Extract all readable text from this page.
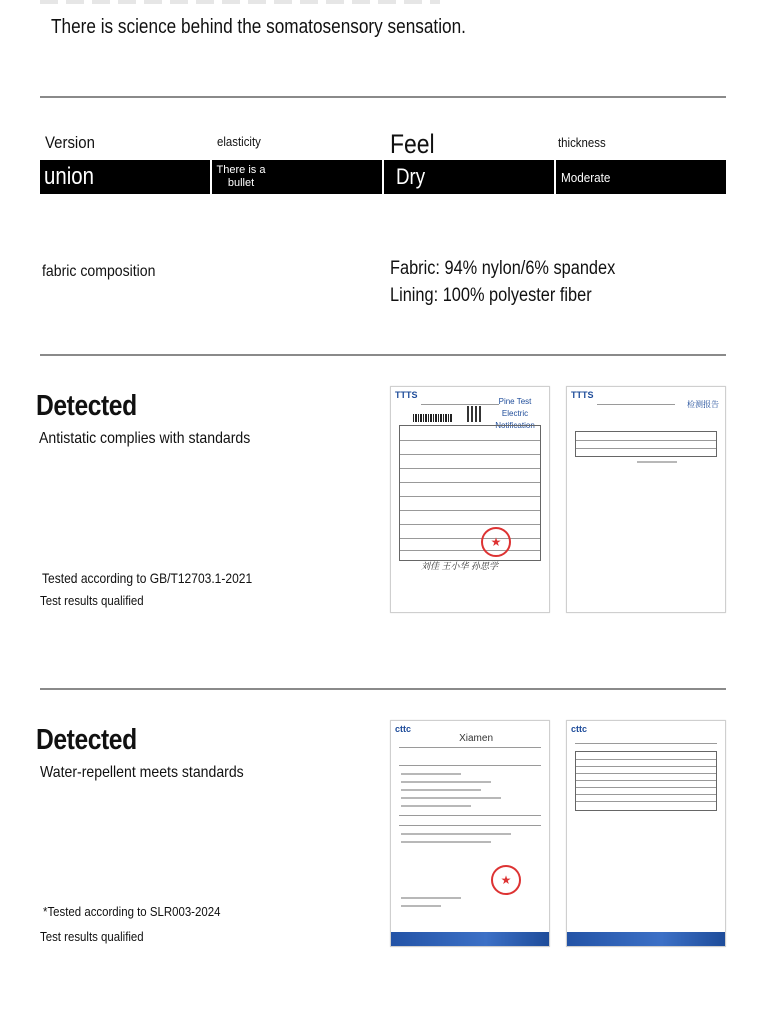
There is science behind the somatosensory sensation.
Version	elasticity	Feel	thickness
union	There is a bullet	Dry	Moderate
fabric composition	Fabric: 94% nylon/6% spandex
Lining: 100% polyester fiber
Detected
Antistatic complies with standards
Tested according to GB/T12703.1-2021
Test results qualified
TTTS
Pine Test Electric Notification
★
刘佳 王小华 孙思学
TTTS
检测报告
Detected
Water-repellent meets standards
*Tested according to SLR003-2024
Test results qualified
cttc
Xiamen
★
cttc
